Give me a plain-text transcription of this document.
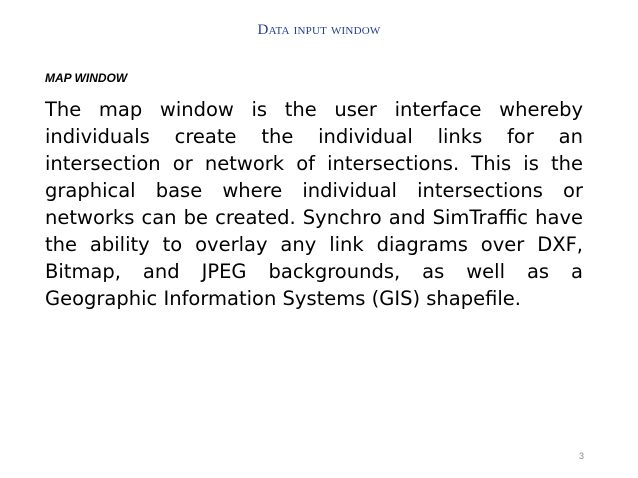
Data input window
MAP WINDOW
The map window is the user interface whereby individuals create the individual links for an intersection or network of intersections. This is the graphical base where individual intersections or networks can be created. Synchro and SimTraffic have the ability to overlay any link diagrams over DXF, Bitmap, and JPEG backgrounds, as well as a Geographic Information Systems (GIS) shapefile.
3
